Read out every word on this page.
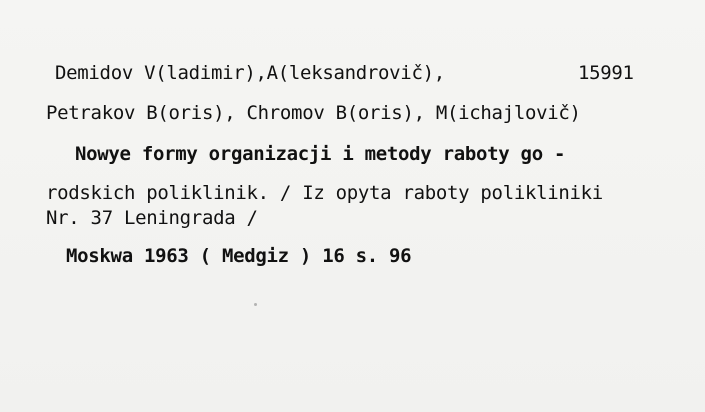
Demidov V(ladimir),A(leksandrovič),	15991
Petrakov B(oris), Chromov B(oris), M(ichajlovič)
Nowye formy organizacji i metody raboty go -
rodskich poliklinik. / Iz opyta raboty polikliniki
Nr. 37 Leningrada /
Moskwa 1963 ( Medgiz ) 16 s. 96
